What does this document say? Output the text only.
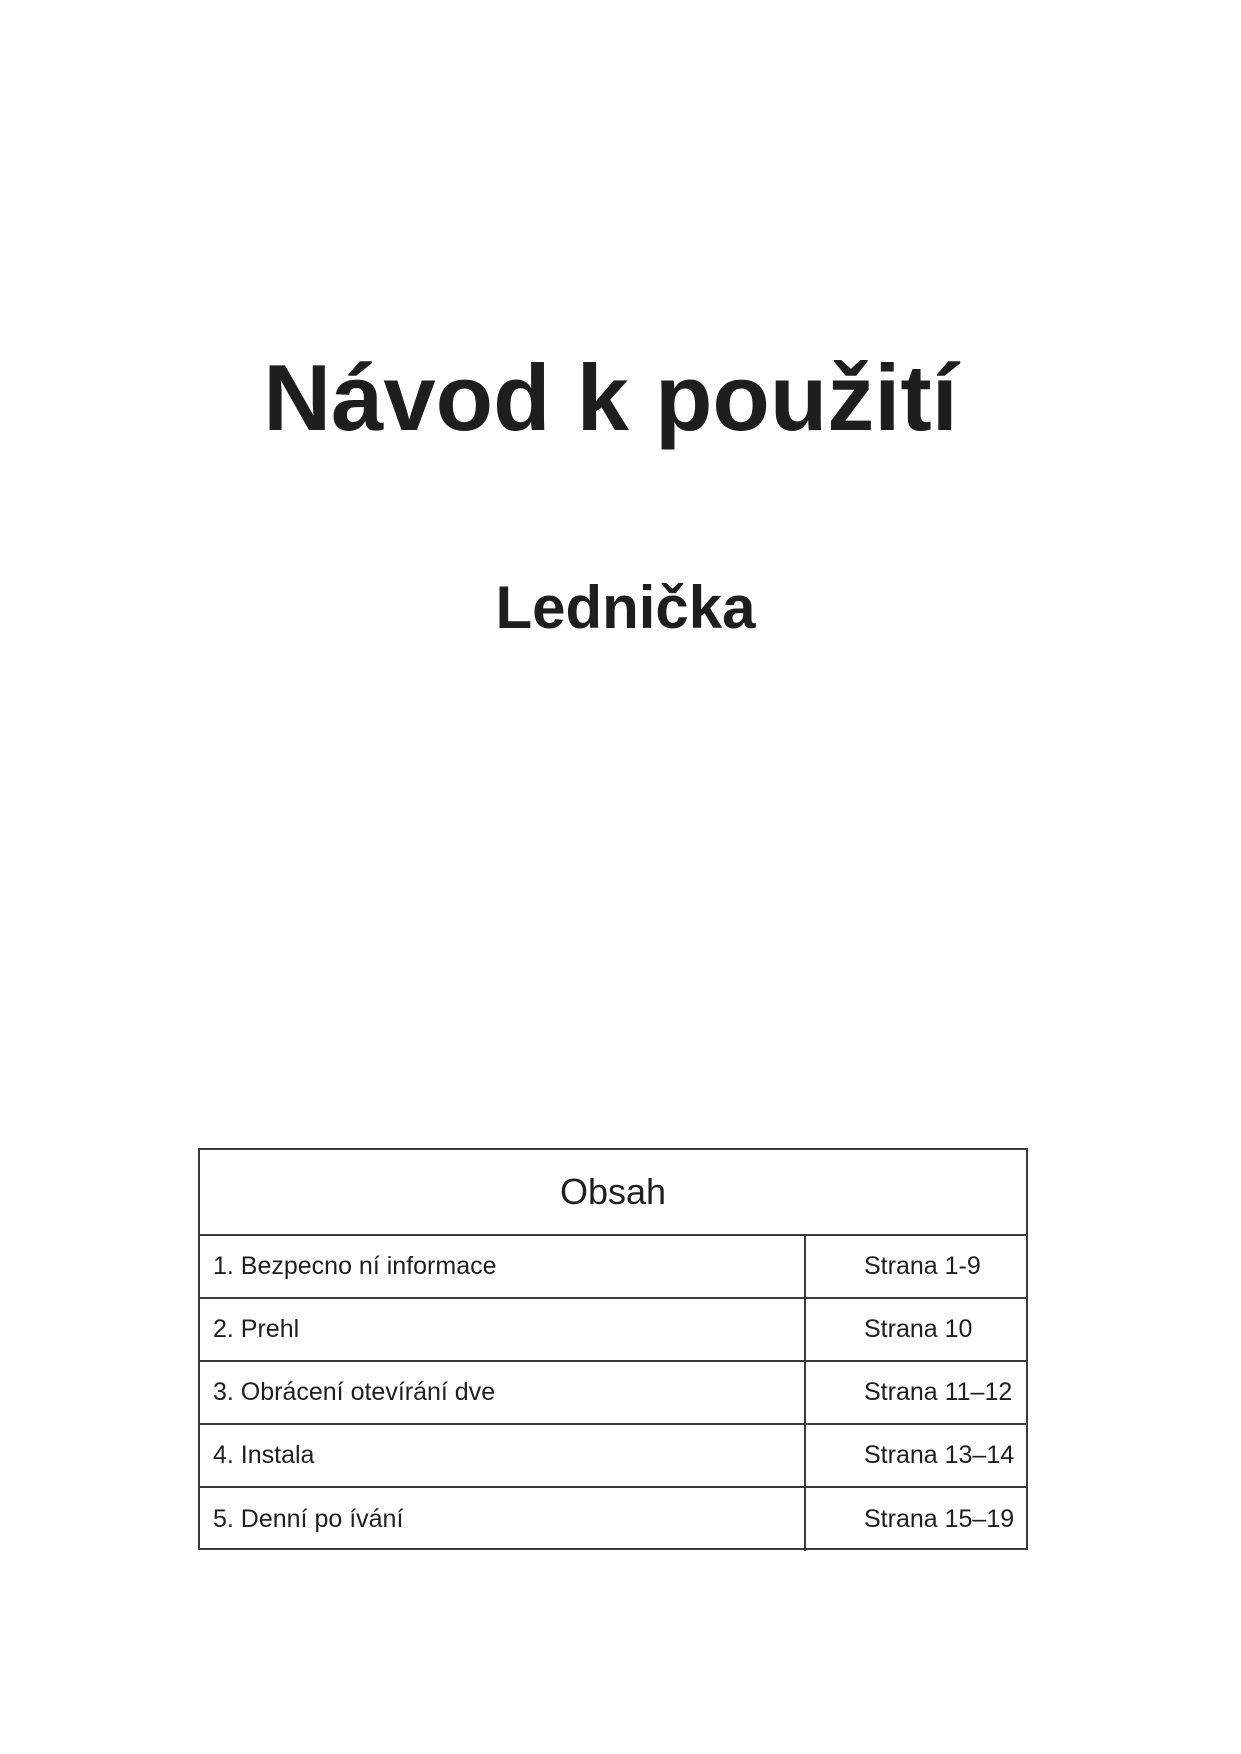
Návod k použití
Lednička
Obsah
1. Bezpecno ní informace	Strana 1-9
2. Prehl	Strana 10
3. Obrácení otevírání dve	Strana 11–12
4. Instala	Strana 13–14
5. Denní po ívání	Strana 15–19
